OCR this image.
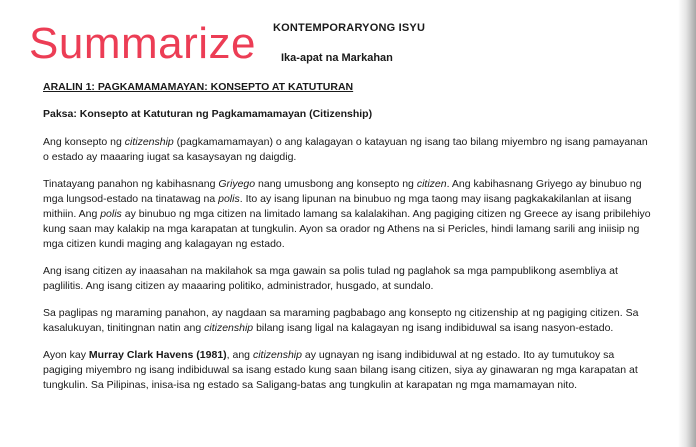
Summarize KONTEMPORARYONG ISYU
Ika-apat na Markahan
ARALIN 1: PAGKAMAMAMAYAN: KONSEPTO AT KATUTURAN
Paksa: Konsepto at Katuturan ng Pagkamamamayan (Citizenship)

Ang konsepto ng citizenship (pagkamamamayan) o ang kalagayan o katayuan ng isang tao bilang miyembro ng isang pamayanan o estado ay maaaring iugat sa kasaysayan ng daigdig.

Tinatayang panahon ng kabihasnang Griyego nang umusbong ang konsepto ng citizen. Ang kabihasnang Griyego ay binubuo ng mga lungsod-estado na tinatawag na polis. Ito ay isang lipunan na binubuo ng mga taong may iisang pagkakakilanlan at iisang mithiin. Ang polis ay binubuo ng mga citizen na limitado lamang sa kalalakihan. Ang pagiging citizen ng Greece ay isang pribilehiyo kung saan may kalakip na mga karapatan at tungkulin. Ayon sa orador ng Athens na si Pericles, hindi lamang sarili ang iniisip ng mga citizen kundi maging ang kalagayan ng estado.

Ang isang citizen ay inaasahan na makilahok sa mga gawain sa polis tulad ng paglahok sa mga pampublikong asembliya at paglilitis. Ang isang citizen ay maaaring politiko, administrador, husgado, at sundalo.

Sa paglipas ng maraming panahon, ay nagdaan sa maraming pagbabago ang konsepto ng citizenship at ng pagiging citizen. Sa kasalukuyan, tinitingnan natin ang citizenship bilang isang ligal na kalagayan ng isang indibiduwal sa isang nasyon-estado.

Ayon kay Murray Clark Havens (1981), ang citizenship ay ugnayan ng isang indibiduwal at ng estado. Ito ay tumutukoy sa pagiging miyembro ng isang indibiduwal sa isang estado kung saan bilang isang citizen, siya ay ginawaran ng mga karapatan at tungkulin. Sa Pilipinas, inisa-isa ng estado sa Saligang-batas ang tungkulin at karapatan ng mga mamamayan nito.
